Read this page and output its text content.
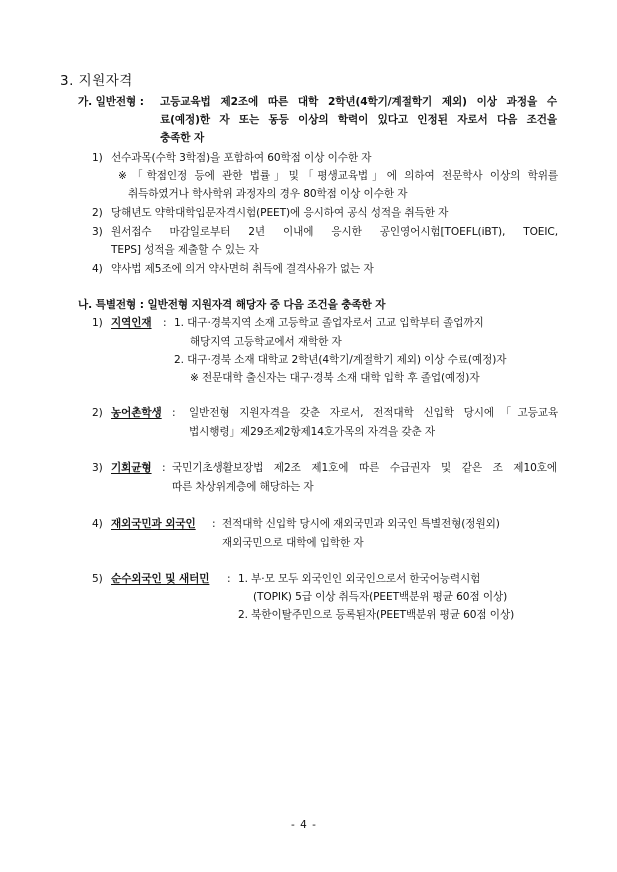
3. 지원자격
가. 일반전형 : 고등교육법 제2조에 따른 대학 2학년(4학기/계절학기 제외) 이상 과정을 수
료(예정)한 자 또는 동등 이상의 학력이 있다고 인정된 자로서 다음 조건을
충족한 자
1) 선수과목(수학 3학점)을 포함하여 60학점 이상 이수한 자
※ 「학점인정 등에 관한 법률」및「평생교육법」에 의하여 전문학사 이상의 학위를
취득하였거나 학사학위 과정자의 경우 80학점 이상 이수한 자
2) 당해년도 약학대학입문자격시험(PEET)에 응시하여 공식 성적을 취득한 자
3) 원서접수 마감일로부터 2년 이내에 응시한 공인영어시험[TOEFL(iBT), TOEIC,
TEPS] 성적을 제출할 수 있는 자
4) 약사법 제5조에 의거 약사면허 취득에 결격사유가 없는 자
나. 특별전형 : 일반전형 지원자격 해당자 중 다음 조건을 충족한 자
1) 지역인재 : 1. 대구·경북지역 소재 고등학교 졸업자로서 고교 입학부터 졸업까지
해당지역 고등학교에서 재학한 자
2. 대구·경북 소재 대학교 2학년(4학기/계절학기 제외) 이상 수료(예정)자
※ 전문대학 출신자는 대구·경북 소재 대학 입학 후 졸업(예정)자
2) 농어촌학생 : 일반전형 지원자격을 갖춘 자로서, 전적대학 신입학 당시에「고등교육
법시행령」제29조제2항제14호가목의 자격을 갖춘 자
3) 기회균형 : 국민기초생활보장법 제2조 제1호에 따른 수급권자 및 같은 조 제10호에
따른 차상위계층에 해당하는 자
4) 재외국민과 외국인 : 전적대학 신입학 당시에 재외국민과 외국인 특별전형(정원외)
재외국민으로 대학에 입학한 자
5) 순수외국인 및 새터민 : 1. 부·모 모두 외국인인 외국인으로서 한국어능력시험
(TOPIK) 5급 이상 취득자(PEET백분위 평균 60점 이상)
2. 북한이탈주민으로 등록된자(PEET백분위 평균 60점 이상)
- 4 -
